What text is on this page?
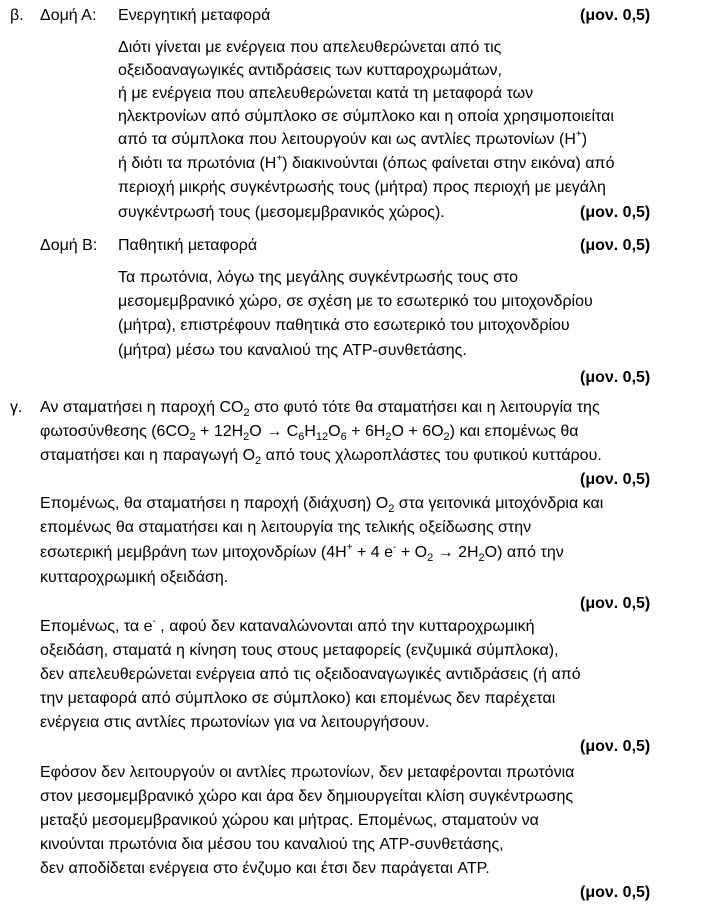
β. Δομή Α: Ενεργητική μεταφορά	(μον. 0,5)
Διότι γίνεται με ενέργεια που απελευθερώνεται από τις
οξειδοαναγωγικές αντιδράσεις των κυτταροχρωμάτων,
ή με ενέργεια που απελευθερώνεται κατά τη μεταφορά των
ηλεκτρονίων από σύμπλοκο σε σύμπλοκο και η οποία χρησιμοποιείται
από τα σύμπλοκα που λειτουργούν και ως αντλίες πρωτονίων (H+)
ή διότι τα πρωτόνια (H+) διακινούνται (όπως φαίνεται στην εικόνα) από
περιοχή μικρής συγκέντρωσής τους (μήτρα) προς περιοχή με μεγάλη
συγκέντρωσή τους (μεσομεμβρανικός χώρος).	(μον. 0,5)
Δομή Β: Παθητική μεταφορά	(μον. 0,5)
Τα πρωτόνια, λόγω της μεγάλης συγκέντρωσής τους στο
μεσομεμβρανικό χώρο, σε σχέση με το εσωτερικό του μιτοχονδρίου
(μήτρα), επιστρέφουν παθητικά στο εσωτερικό του μιτοχονδρίου
(μήτρα) μέσω του καναλιού της ATP-συνθετάσης.
(μον. 0,5)
γ. Αν σταματήσει η παροχή $CO_2$ στο φυτό τότε θα σταματήσει και η λειτουργία της
φωτοσύνθεσης $(6CO_2 + 12H_2O \to C_6H_{12}O_6 + 6H_2O + 6O_2)$ και επομένως θα
σταματήσει και η παραγωγή $O_2$ από τους χλωροπλάστες του φυτικού κυττάρου.
(μον. 0,5)
Επομένως, θα σταματήσει η παροχή (διάχυση) $O_2$ στα γειτονικά μιτοχόνδρια και
επομένως θα σταματήσει και η λειτουργία της τελικής οξείδωσης στην
εσωτερική μεμβράνη των μιτοχονδρίων (4H+ + 4 $e^- + O_2 \to 2H_2O$) από την
κυτταροχρωμική οξειδάση.
(μον. 0,5)
Επομένως, τα e- , αφού δεν καταναλώνονται από την κυτταροχρωμική
οξειδάση, σταματά η κίνηση τους στους μεταφορείς (ενζυμικά σύμπλοκα),
δεν απελευθερώνεται ενέργεια από τις οξειδοαναγωγικές αντιδράσεις (ή από
την μεταφορά από σύμπλοκο σε σύμπλοκο) και επομένως δεν παρέχεται
ενέργεια στις αντλίες πρωτονίων για να λειτουργήσουν.
(μον. 0,5)
Εφόσον δεν λειτουργούν οι αντλίες πρωτονίων, δεν μεταφέρονται πρωτόνια
στον μεσομεμβρανικό χώρο και άρα δεν δημιουργείται κλίση συγκέντρωσης
μεταξύ μεσομεμβρανικού χώρου και μήτρας. Επομένως, σταματούν να
κινούνται πρωτόνια δια μέσου του καναλιού της ATP-συνθετάσης,
δεν αποδίδεται ενέργεια στο ένζυμο και έτσι δεν παράγεται ATP.
(μον. 0,5)
